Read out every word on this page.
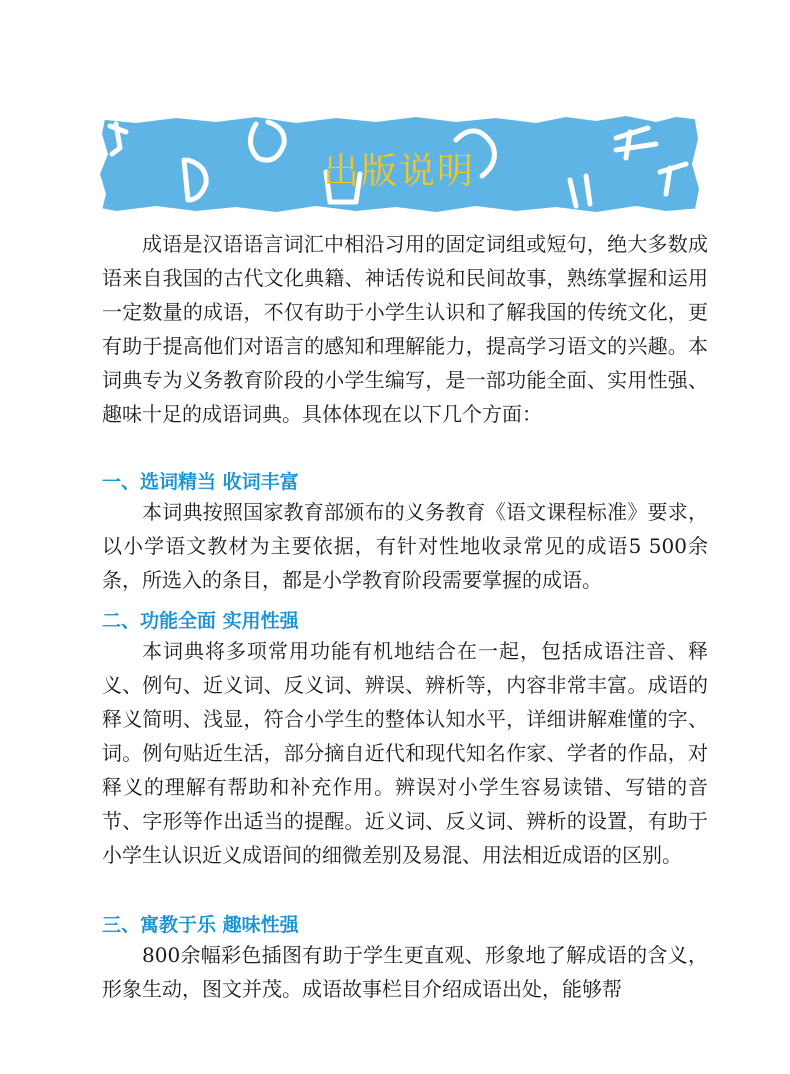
出版说明

成语是汉语语言词汇中相沿习用的固定词组或短句，绝大多数成语来自我国的古代文化典籍、神话传说和民间故事，熟练掌握和运用一定数量的成语，不仅有助于小学生认识和了解我国的传统文化，更有助于提高他们对语言的感知和理解能力，提高学习语文的兴趣。本词典专为义务教育阶段的小学生编写，是一部功能全面、实用性强、趣味十足的成语词典。具体体现在以下几个方面：

一、选词精当 收词丰富

本词典按照国家教育部颁布的义务教育《语文课程标准》要求，以小学语文教材为主要依据，有针对性地收录常见的成语5 500余条，所选入的条目，都是小学教育阶段需要掌握的成语。

二、功能全面 实用性强

本词典将多项常用功能有机地结合在一起，包括成语注音、释义、例句、近义词、反义词、辨误、辨析等，内容非常丰富。成语的释义简明、浅显，符合小学生的整体认知水平，详细讲解难懂的字、词。例句贴近生活，部分摘自近代和现代知名作家、学者的作品，对释义的理解有帮助和补充作用。辨误对小学生容易读错、写错的音节、字形等作出适当的提醒。近义词、反义词、辨析的设置，有助于小学生认识近义成语间的细微差别及易混、用法相近成语的区别。

三、寓教于乐 趣味性强

800余幅彩色插图有助于学生更直观、形象地了解成语的含义，形象生动，图文并茂。成语故事栏目介绍成语出处，能够帮
